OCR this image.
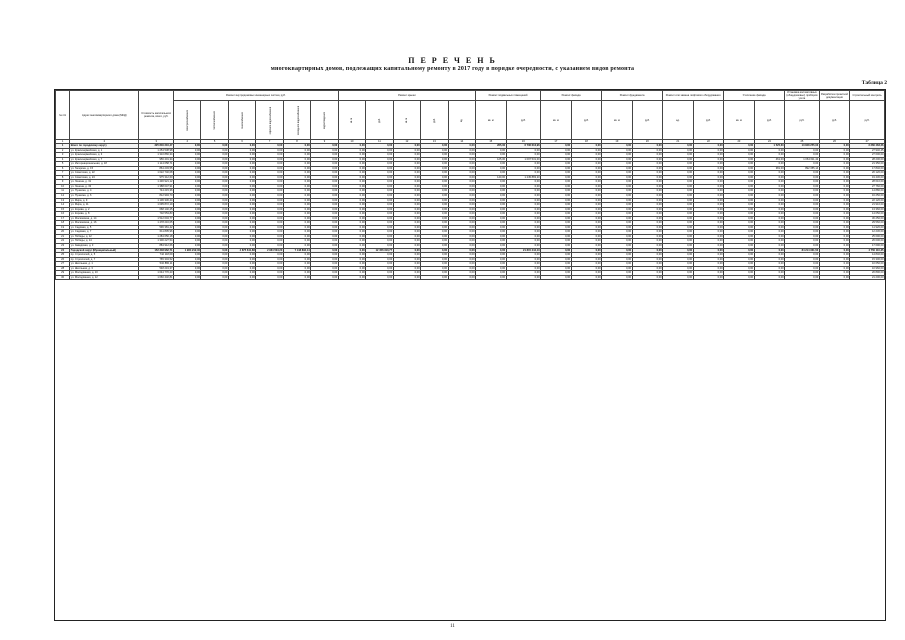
П Е Р Е Ч Е Н Ь
многоквартирных домов, подлежащих капитальному ремонту в 2017 году в порядке очередности, с указанием видов ремонта
Таблица 2
№ п/п	Адрес многоквартирного дома (МКД)	Стоимость капитального ремонта, всего, руб.	Ремонт внутридомовых инженерных систем, руб.						Ремонт крыши					Ремонт подвальных помещений		Ремонт фасада		Ремонт фундамента		Ремонт или замена лифтового оборудования		Утепление фасада		Установка коллективных (общедомовых) приборов учета	Разработка проектной документации	Строительный контроль
			электроснабжения	теплоснабжения	газоснабжения	горячего водоснабжения	холодного водоснабжения	водоотведения	кв. м	руб.	кв. м	руб.	ед.	кв. м	руб.	кв. м	руб.	кв. м	руб.	ед.	руб.	кв. м	руб.	руб.	руб.	руб.
1	2	3	4	5	6	7	8	9	10	11	12	13	14	15	16	17	18	19	20	21	22	23	24	25	26	27
1	Всего по городскому округу	325 840 216,47	0,00	0,00	0,00	0,00	0,00	0,00	0,00	0,00	0,00	0,00	0,00	265,30	6 706 616,96	0,00	0,00	0,00	0,00	0,00	0,00	0,00	1 525,60	13 848 255,03	0,00	3 366 483,26
2	ул. Красноармейская, д. 1	1 254 538,98	0,00	0,00	0,00	0,00	0,00	0,00	0,00	0,00	0,00	0,00	0,00	0,00	0,00	0,00	0,00	0,00	0,00	0,00	0,00	0,00	0,00	0,00	0,00	27 940,45
3	ул. Красноармейская, д. 3	1 310 866,34	0,00	0,00	0,00	0,00	0,00	0,00	0,00	0,00	0,00	0,00	0,00	0,00	0,00	0,00	0,00	0,00	0,00	0,00	0,00	0,00	0,00	0,00	0,00	27 600,00
4	ул. Красноармейская, д. 7	956 401,34	0,00	0,00	0,00	0,00	0,00	0,00	0,00	0,00	0,00	0,00	0,00	125,30	1 097 531,00	0,00	0,00	0,00	0,00	0,00	0,00	0,00	461,00	1 064 611,42	0,00	28 200,00
5	ул. Интернациональная, д. 18	1 114 658,71	0,00	0,00	0,00	0,00	0,00	0,00	0,00	0,00	0,00	0,00	0,00	0,00	0,00	0,00	0,00	0,00	0,00	0,00	0,00	0,00	0,00	0,00	0,00	21 350,00
6	ул. Гагарина, д. 15	864 203,55	0,00	0,00	0,00	0,00	0,00	0,00	0,00	0,00	0,00	0,00	0,00	0,00	0,00	0,00	0,00	0,00	0,00	0,00	0,00	0,00	381,00	892 355,14	0,00	17 840,00
7	ул. Советская, д. 22	1 022 740,08	0,00	0,00	0,00	0,00	0,00	0,00	0,00	0,00	0,00	0,00	0,00	0,00	0,00	0,00	0,00	0,00	0,00	0,00	0,00	0,00	0,00	0,00	0,00	20 120,00
8	ул. Советская, д. 24	975 312,60	0,00	0,00	0,00	0,00	0,00	0,00	0,00	0,00	0,00	0,00	0,00	140,00	1 245 883,20	0,00	0,00	0,00	0,00	0,00	0,00	0,00	0,00	0,00	0,00	19 430,00
9	ул. Ленина, д. 31	1 430 921,12	0,00	0,00	0,00	0,00	0,00	0,00	0,00	0,00	0,00	0,00	0,00	0,00	0,00	0,00	0,00	0,00	0,00	0,00	0,00	0,00	0,00	0,00	0,00	28 610,00
10	ул. Ленина, д. 33	1 388 047,91	0,00	0,00	0,00	0,00	0,00	0,00	0,00	0,00	0,00	0,00	0,00	0,00	0,00	0,00	0,00	0,00	0,00	0,00	0,00	0,00	0,00	0,00	0,00	27 760,00
11	ул. Пушкина, д. 4	744 215,36	0,00	0,00	0,00	0,00	0,00	0,00	0,00	0,00	0,00	0,00	0,00	0,00	0,00	0,00	0,00	0,00	0,00	0,00	0,00	0,00	0,00	0,00	0,00	14 880,00
12	ул. Пушкина, д. 6	812 994,70	0,00	0,00	0,00	0,00	0,00	0,00	0,00	0,00	0,00	0,00	0,00	0,00	0,00	0,00	0,00	0,00	0,00	0,00	0,00	0,00	0,00	0,00	0,00	16 250,00
13	ул. Мира, д. 9	1 106 330,44	0,00	0,00	0,00	0,00	0,00	0,00	0,00	0,00	0,00	0,00	0,00	0,00	0,00	0,00	0,00	0,00	0,00	0,00	0,00	0,00	0,00	0,00	0,00	22 120,00
14	ул. Мира, д. 11	1 095 872,19	0,00	0,00	0,00	0,00	0,00	0,00	0,00	0,00	0,00	0,00	0,00	0,00	0,00	0,00	0,00	0,00	0,00	0,00	0,00	0,00	0,00	0,00	0,00	21 910,00
15	ул. Кирова, д. 2	668 140,25	0,00	0,00	0,00	0,00	0,00	0,00	0,00	0,00	0,00	0,00	0,00	0,00	0,00	0,00	0,00	0,00	0,00	0,00	0,00	0,00	0,00	0,00	0,00	13 360,00
16	ул. Кирова, д. 8	702 553,83	0,00	0,00	0,00	0,00	0,00	0,00	0,00	0,00	0,00	0,00	0,00	0,00	0,00	0,00	0,00	0,00	0,00	0,00	0,00	0,00	0,00	0,00	0,00	14 050,00
17	ул. Московская, д. 14	1 512 604,77	0,00	0,00	0,00	0,00	0,00	0,00	0,00	0,00	0,00	0,00	0,00	0,00	0,00	0,00	0,00	0,00	0,00	0,00	0,00	0,00	0,00	0,00	0,00	30 250,00
18	ул. Московская, д. 16	1 478 216,05	0,00	0,00	0,00	0,00	0,00	0,00	0,00	0,00	0,00	0,00	0,00	0,00	0,00	0,00	0,00	0,00	0,00	0,00	0,00	0,00	0,00	0,00	0,00	29 560,00
19	ул. Садовая, д. 5	596 381,42	0,00	0,00	0,00	0,00	0,00	0,00	0,00	0,00	0,00	0,00	0,00	0,00	0,00	0,00	0,00	0,00	0,00	0,00	0,00	0,00	0,00	0,00	0,00	11 920,00
20	ул. Садовая, д. 7	611 805,96	0,00	0,00	0,00	0,00	0,00	0,00	0,00	0,00	0,00	0,00	0,00	0,00	0,00	0,00	0,00	0,00	0,00	0,00	0,00	0,00	0,00	0,00	0,00	12 230,00
21	ул. Победы, д. 12	1 284 650,18	0,00	0,00	0,00	0,00	0,00	0,00	0,00	0,00	0,00	0,00	0,00	0,00	0,00	0,00	0,00	0,00	0,00	0,00	0,00	0,00	0,00	0,00	0,00	25 690,00
22	ул. Победы, д. 14	1 300 227,54	0,00	0,00	0,00	0,00	0,00	0,00	0,00	0,00	0,00	0,00	0,00	0,00	0,00	0,00	0,00	0,00	0,00	0,00	0,00	0,00	0,00	0,00	0,00	26 000,00
23	ул. Заводская, д. 3	884 912,66	0,00	0,00	0,00	0,00	0,00	0,00	0,00	0,00	0,00	0,00	0,00	0,00	0,00	0,00	0,00	0,00	0,00	0,00	0,00	0,00	0,00	0,00	0,00	17 690,00
24	Городской округ (Муниципальный)	152 348 962,71	1 984 212,40	0,00	4 875 641,88	2 964 503,20	7 148 892,14	0,00	0,00	12 456 310,77	0,00	0,00	0,00	0,00	21 815 444,13	0,00	0,00	0,00	0,00	0,00	0,00	0,00	0,00	84 214 331,52	0,00	4 750 110,35
25	пр. Строителей, д. 5	742 118,09	0,00	0,00	0,00	0,00	0,00	0,00	0,00	0,00	0,00	0,00	0,00	0,00	0,00	0,00	0,00	0,00	0,00	0,00	0,00	0,00	0,00	0,00	0,00	14 840,00
26	пр. Строителей, д. 7	765 304,52	0,00	0,00	0,00	0,00	0,00	0,00	0,00	0,00	0,00	0,00	0,00	0,00	0,00	0,00	0,00	0,00	0,00	0,00	0,00	0,00	0,00	0,00	0,00	15 300,00
27	ул. Школьная, д. 1	532 880,11	0,00	0,00	0,00	0,00	0,00	0,00	0,00	0,00	0,00	0,00	0,00	0,00	0,00	0,00	0,00	0,00	0,00	0,00	0,00	0,00	0,00	0,00	0,00	10 650,00
28	ул. Школьная, д. 3	548 219,37	0,00	0,00	0,00	0,00	0,00	0,00	0,00	0,00	0,00	0,00	0,00	0,00	0,00	0,00	0,00	0,00	0,00	0,00	0,00	0,00	0,00	0,00	0,00	10 960,00
29	ул. Молодёжная, д. 10	1 044 770,23	0,00	0,00	0,00	0,00	0,00	0,00	0,00	0,00	0,00	0,00	0,00	0,00	0,00	0,00	0,00	0,00	0,00	0,00	0,00	0,00	0,00	0,00	0,00	20 890,00
30	ул. Молодёжная, д. 12	1 060 432,81	0,00	0,00	0,00	0,00	0,00	0,00	0,00	0,00	0,00	0,00	0,00	0,00	0,00	0,00	0,00	0,00	0,00	0,00	0,00	0,00	0,00	0,00	0,00	21 200,00
11
